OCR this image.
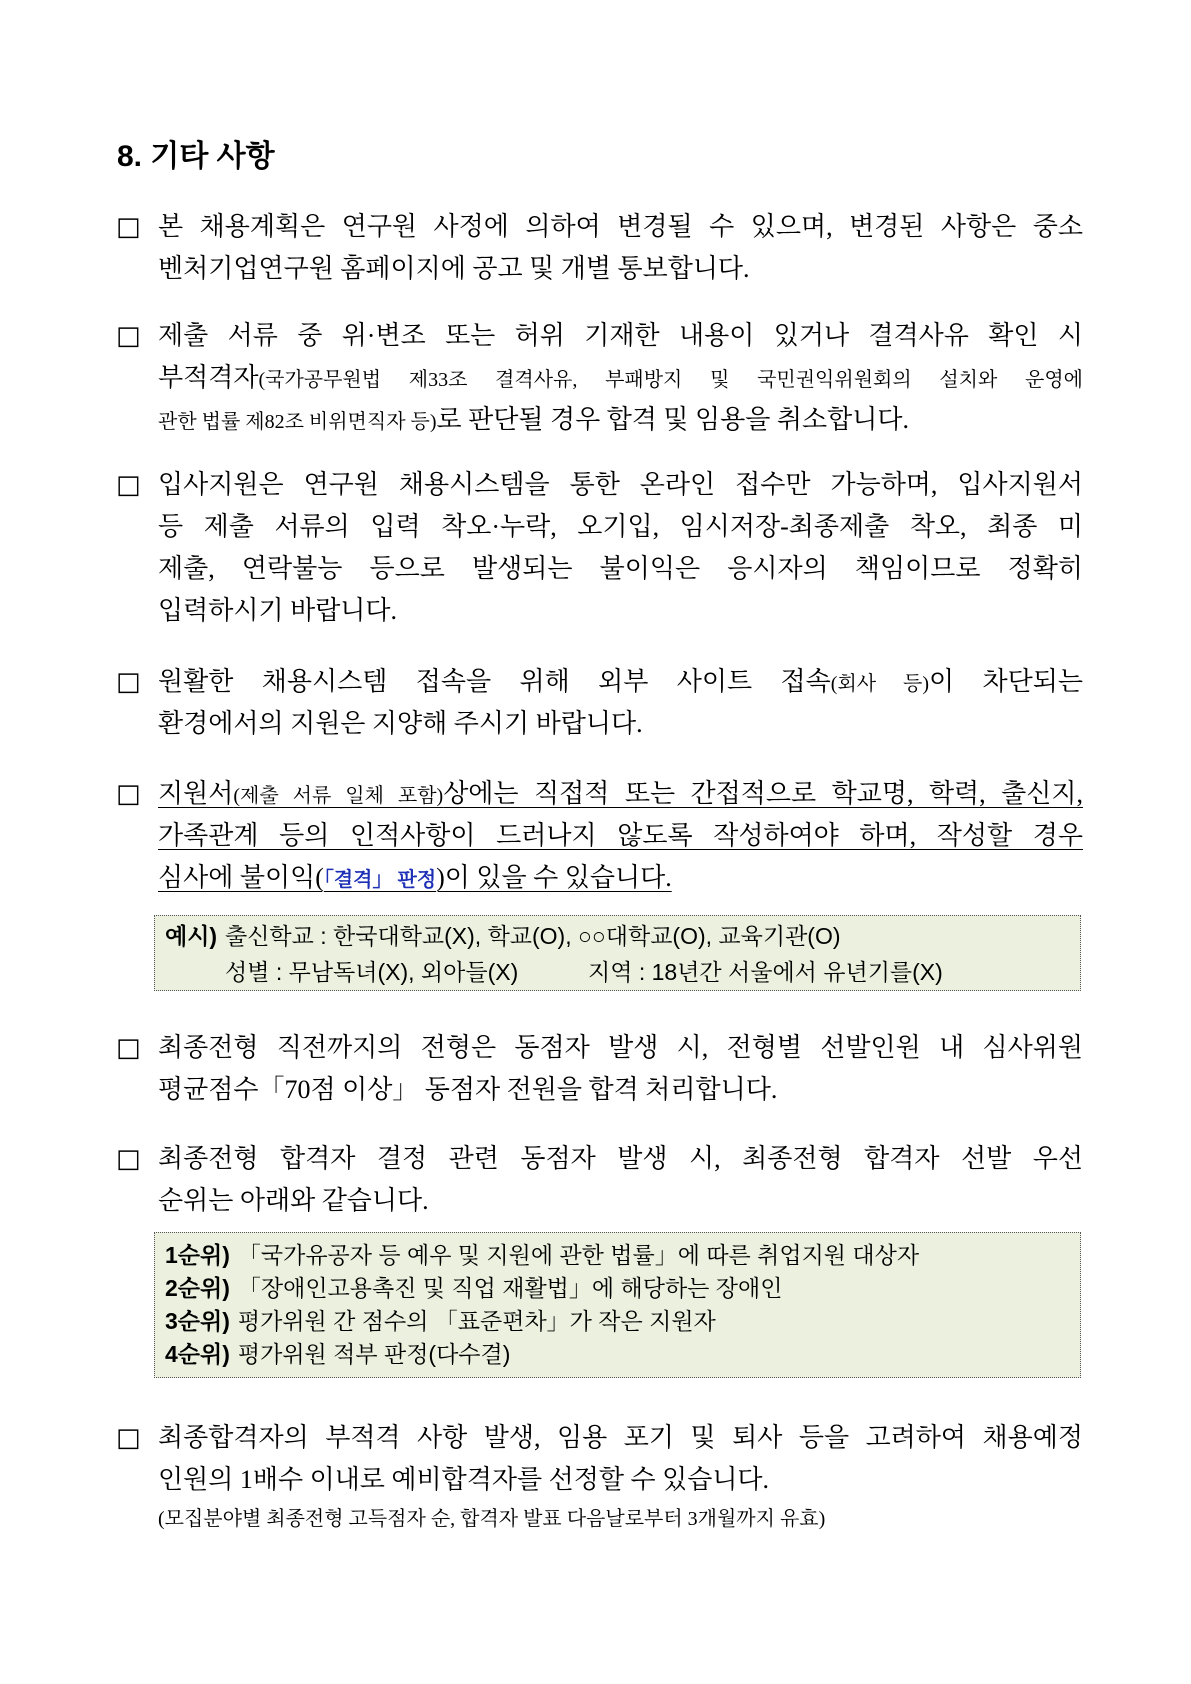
8. 기타 사항
□ 본 채용계획은 연구원 사정에 의하여 변경될 수 있으며, 변경된 사항은 중소
벤처기업연구원 홈페이지에 공고 및 개별 통보합니다.
□ 제출 서류 중 위·변조 또는 허위 기재한 내용이 있거나 결격사유 확인 시
부적격자(국가공무원법 제33조 결격사유, 부패방지 및 국민권익위원회의 설치와 운영에
관한 법률 제82조 비위면직자 등)로 판단될 경우 합격 및 임용을 취소합니다.
□ 입사지원은 연구원 채용시스템을 통한 온라인 접수만 가능하며, 입사지원서
등 제출 서류의 입력 착오·누락, 오기입, 임시저장-최종제출 착오, 최종 미
제출, 연락불능 등으로 발생되는 불이익은 응시자의 책임이므로 정확히
입력하시기 바랍니다.
□ 원활한 채용시스템 접속을 위해 외부 사이트 접속(회사 등)이 차단되는
환경에서의 지원은 지양해 주시기 바랍니다.
□ 지원서(제출 서류 일체 포함)상에는 직접적 또는 간접적으로 학교명, 학력, 출신지,
가족관계 등의 인적사항이 드러나지 않도록 작성하여야 하며, 작성할 경우
심사에 불이익(「결격」 판정)이 있을 수 있습니다.
예시) 출신학교 : 한국대학교(X), 학교(O), ○○대학교(O), 교육기관(O)
성별 : 무남독녀(X), 외아들(X)	지역 : 18년간 서울에서 유년기를(X)
□ 최종전형 직전까지의 전형은 동점자 발생 시, 전형별 선발인원 내 심사위원
평균점수「70점 이상」 동점자 전원을 합격 처리합니다.
□ 최종전형 합격자 결정 관련 동점자 발생 시, 최종전형 합격자 선발 우선
순위는 아래와 같습니다.
1순위) 「국가유공자 등 예우 및 지원에 관한 법률」에 따른 취업지원 대상자
2순위) 「장애인고용촉진 및 직업 재활법」에 해당하는 장애인
3순위) 평가위원 간 점수의 「표준편차」가 작은 지원자
4순위) 평가위원 적부 판정(다수결)
□ 최종합격자의 부적격 사항 발생, 임용 포기 및 퇴사 등을 고려하여 채용예정
인원의 1배수 이내로 예비합격자를 선정할 수 있습니다.
(모집분야별 최종전형 고득점자 순, 합격자 발표 다음날로부터 3개월까지 유효)
